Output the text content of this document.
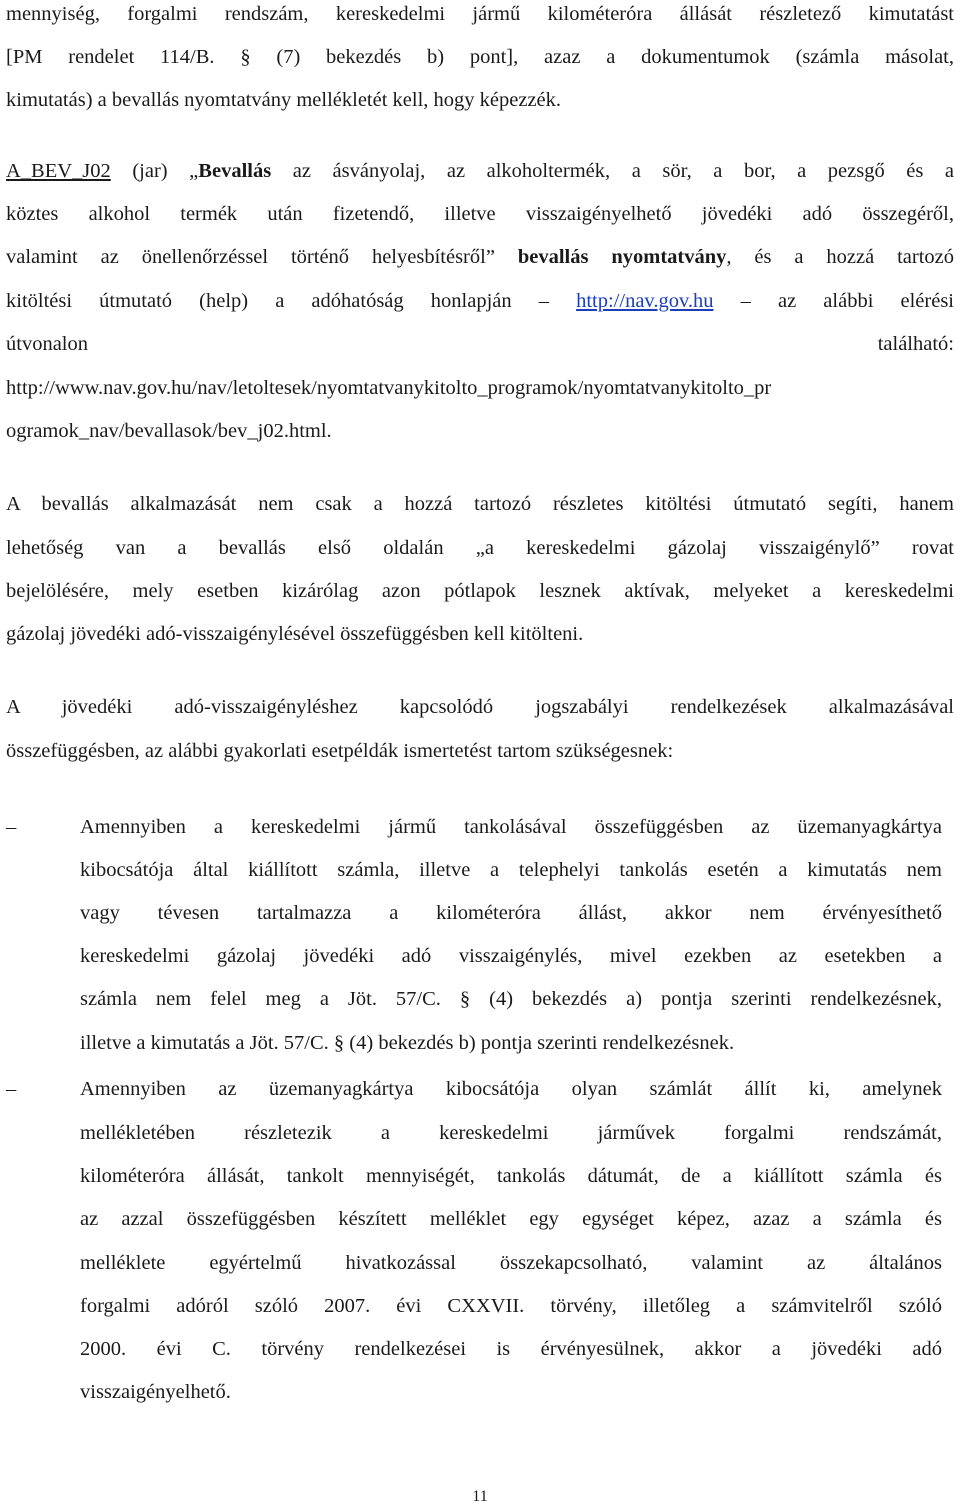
mennyiség, forgalmi rendszám, kereskedelmi jármű kilométeróra állását részletező kimutatást
[PM rendelet 114/B. § (7) bekezdés b) pont], azaz a dokumentumok (számla másolat,
kimutatás) a bevallás nyomtatvány mellékletét kell, hogy képezzék.
A_BEV_J02 (jar) „Bevallás az ásványolaj, az alkoholtermék, a sör, a bor, a pezsgő és a
köztes alkohol termék után fizetendő, illetve visszaigényelhető jövedéki adó összegéről,
valamint az önellenőrzéssel történő helyesbítésről” bevallás nyomtatvány, és a hozzá tartozó
kitöltési útmutató (help) a adóhatóság honlapján – http://nav.gov.hu – az alábbi elérési
útvonalon	található:
http://www.nav.gov.hu/nav/letoltesek/nyomtatvanykitolto_programok/nyomtatvanykitolto_pr
ogramok_nav/bevallasok/bev_j02.html.
A bevallás alkalmazását nem csak a hozzá tartozó részletes kitöltési útmutató segíti, hanem
lehetőség van a bevallás első oldalán „a kereskedelmi gázolaj visszaigénylő” rovat
bejelölésére, mely esetben kizárólag azon pótlapok lesznek aktívak, melyeket a kereskedelmi
gázolaj jövedéki adó-visszaigénylésével összefüggésben kell kitölteni.
A jövedéki adó-visszaigényléshez kapcsolódó jogszabályi rendelkezések alkalmazásával
összefüggésben, az alábbi gyakorlati esetpéldák ismertetést tartom szükségesnek:
–	Amennyiben a kereskedelmi jármű tankolásával összefüggésben az üzemanyagkártya
kibocsátója által kiállított számla, illetve a telephelyi tankolás esetén a kimutatás nem
vagy tévesen tartalmazza a kilométeróra állást, akkor nem érvényesíthető
kereskedelmi gázolaj jövedéki adó visszaigénylés, mivel ezekben az esetekben a
számla nem felel meg a Jöt. 57/C. § (4) bekezdés a) pontja szerinti rendelkezésnek,
illetve a kimutatás a Jöt. 57/C. § (4) bekezdés b) pontja szerinti rendelkezésnek.
–	Amennyiben az üzemanyagkártya kibocsátója olyan számlát állít ki, amelynek
mellékletében részletezik a kereskedelmi járművek forgalmi rendszámát,
kilométeróra állását, tankolt mennyiségét, tankolás dátumát, de a kiállított számla és
az azzal összefüggésben készített melléklet egy egységet képez, azaz a számla és
melléklete egyértelmű hivatkozással összekapcsolható, valamint az általános
forgalmi adóról szóló 2007. évi CXXVII. törvény, illetőleg a számvitelről szóló
2000. évi C. törvény rendelkezései is érvényesülnek, akkor a jövedéki adó
visszaigényelhető.
11
